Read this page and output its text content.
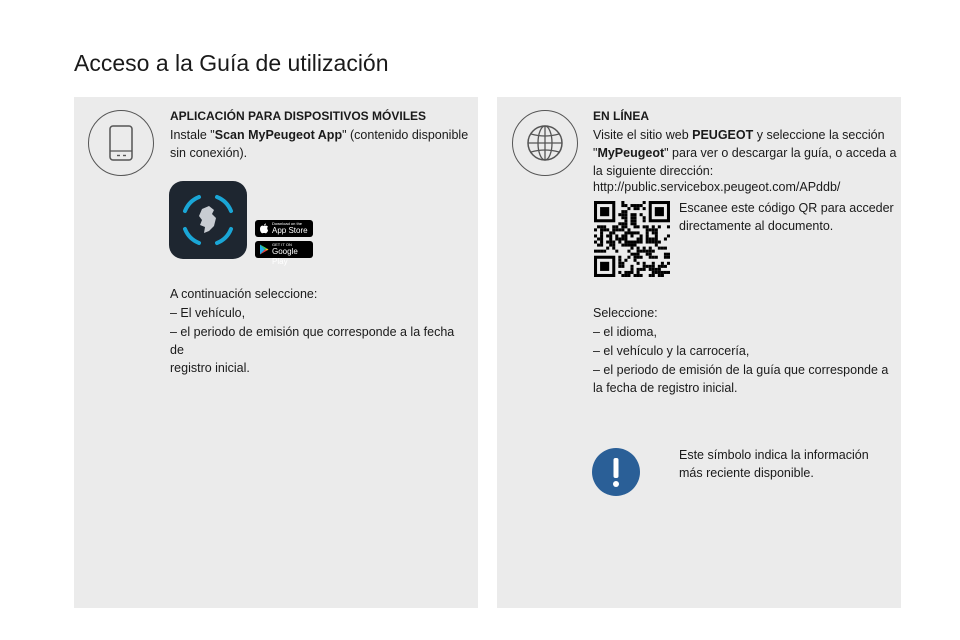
Acceso a la Guía de utilización
APLICACIÓN PARA DISPOSITIVOS MÓVILES
Instale "Scan MyPeugeot App" (contenido disponible
sin conexión).
Download on the
App Store
GET IT ON
Google Play
A continuación seleccione:
– El vehículo,
– el periodo de emisión que corresponde a la fecha de
registro inicial.
EN LÍNEA
Visite el sitio web PEUGEOT y seleccione la sección
"MyPeugeot" para ver o descargar la guía, o acceda a
la siguiente dirección:
http://public.servicebox.peugeot.com/APddb/
Escanee este código QR para acceder
directamente al documento.
Seleccione:
– el idioma,
– el vehículo y la carrocería,
– el periodo de emisión de la guía que corresponde a
la fecha de registro inicial.
Este símbolo indica la información
más reciente disponible.
